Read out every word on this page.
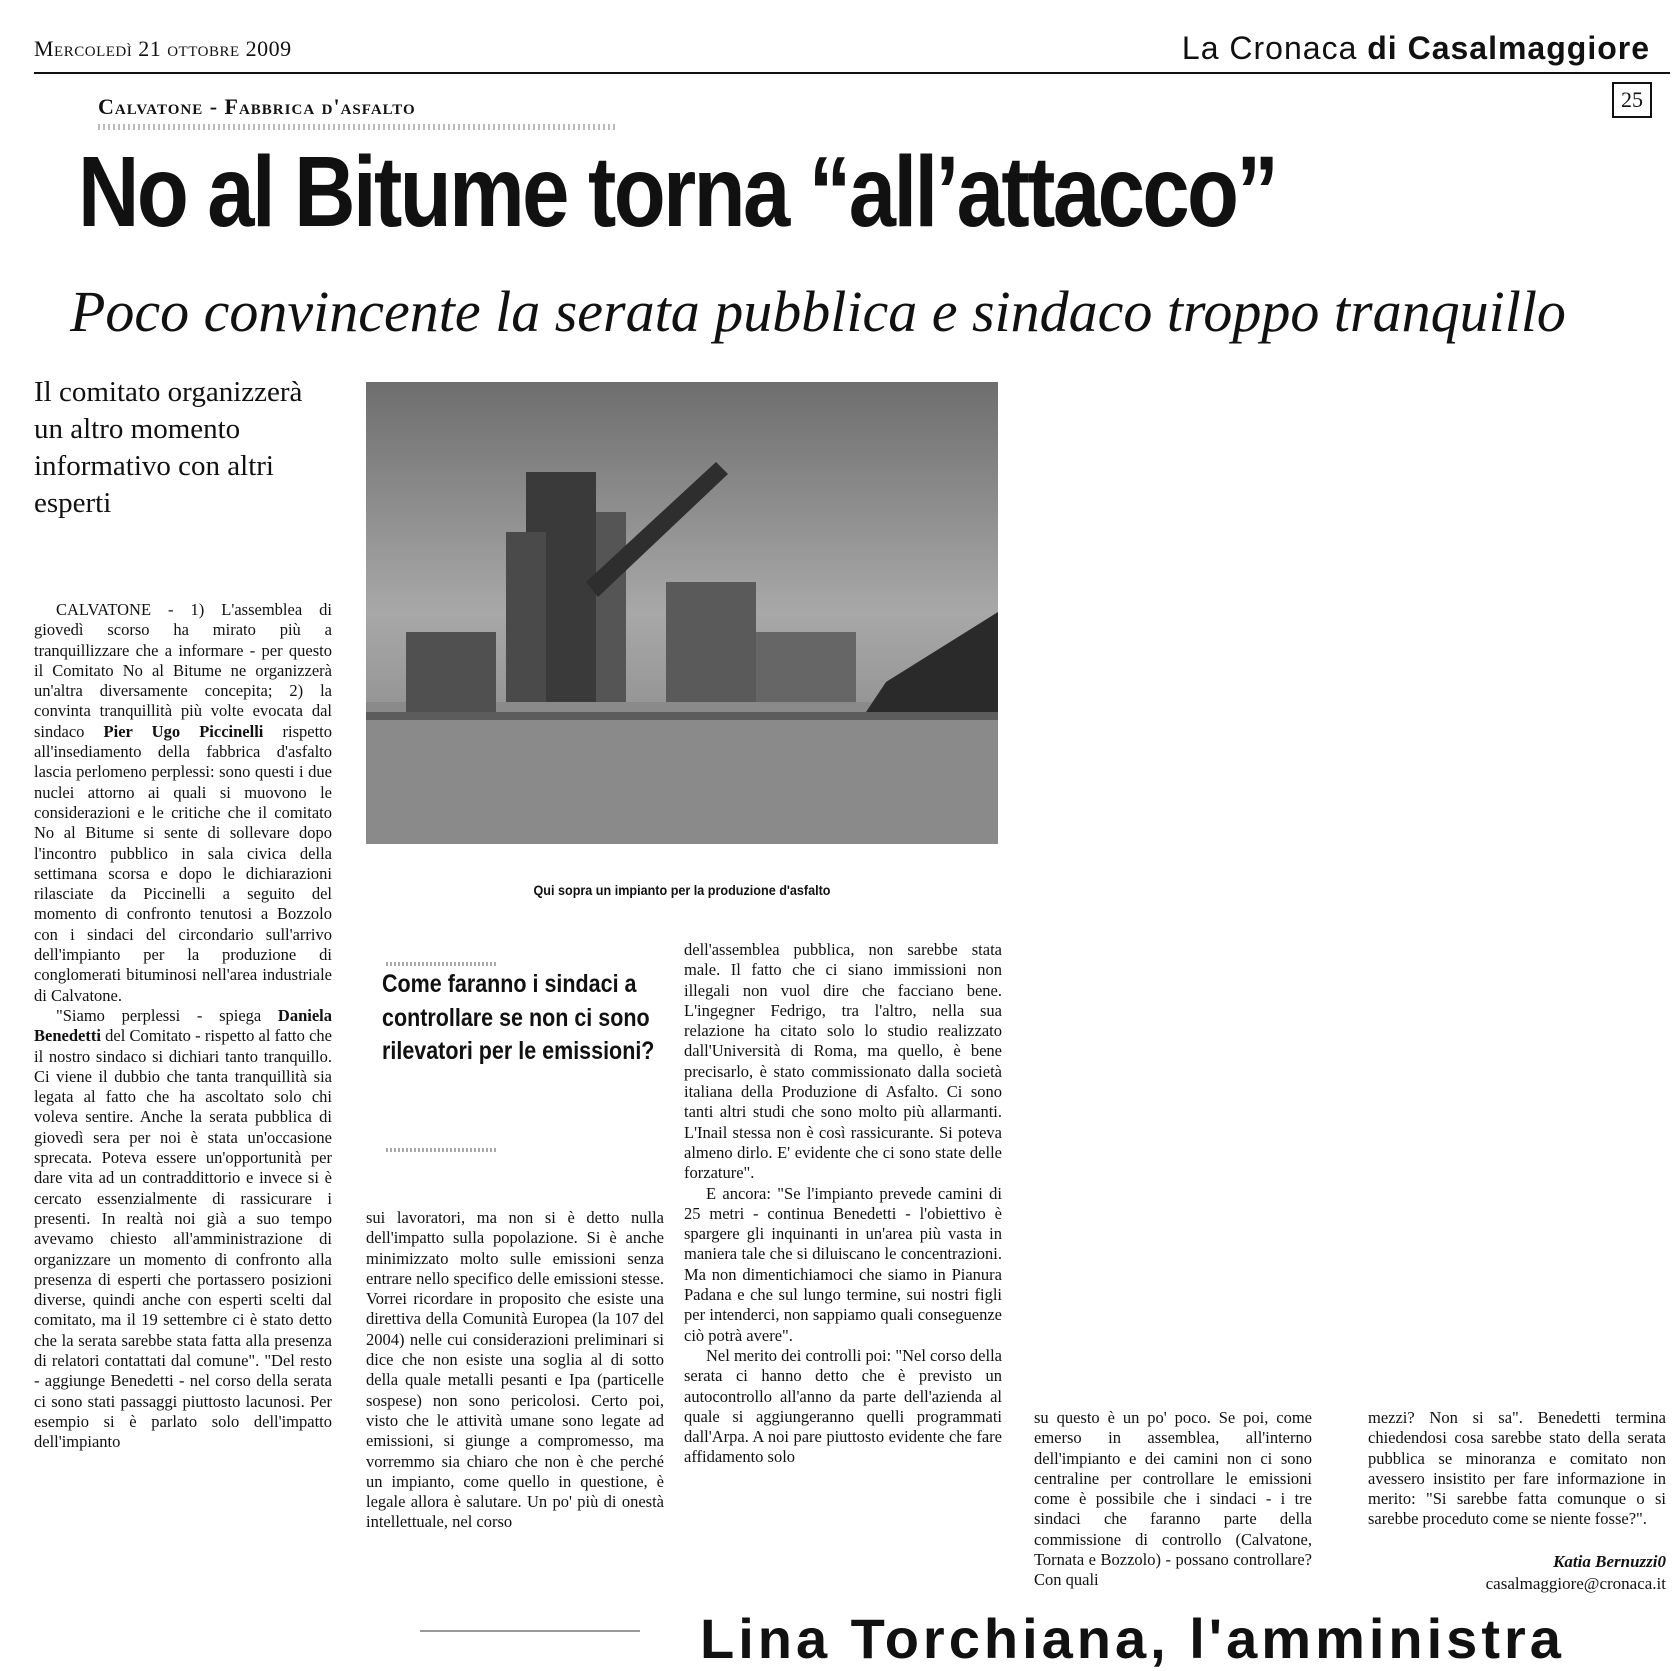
Mercoledì 21 ottobre 2009	La Cronaca di Casalmaggiore
25
Calvatone - Fabbrica d'asfalto
No al Bitume torna “all’attacco”
Poco convincente la serata pubblica e sindaco troppo tranquillo
Il comitato organizzerà un altro momento informativo con altri esperti
Qui sopra un impianto per la produzione d'asfalto
Come faranno i sindaci a controllare se non ci sono rilevatori per le emissioni?

CALVATONE - 1) L'assemblea di giovedì scorso ha mirato più a tranquillizzare che a informare - per questo il Comitato No al Bitume ne organizzerà un'altra diversamente concepita; 2) la convinta tranquillità più volte evocata dal sindaco Pier Ugo Piccinelli rispetto all'insediamento della fabbrica d'asfalto lascia perlomeno perplessi: sono questi i due nuclei attorno ai quali si muovono le considerazioni e le critiche che il comitato No al Bitume si sente di sollevare dopo l'incontro pubblico in sala civica della settimana scorsa e dopo le dichiarazioni rilasciate da Piccinelli a seguito del momento di confronto tenutosi a Bozzolo con i sindaci del circondario sull'arrivo dell'impianto per la produzione di conglomerati bituminosi nell'area industriale di Calvatone.

"Siamo perplessi - spiega Daniela Benedetti del Comitato - rispetto al fatto che il nostro sindaco si dichiari tanto tranquillo. Ci viene il dubbio che tanta tranquillità sia legata al fatto che ha ascoltato solo chi voleva sentire. Anche la serata pubblica di giovedì sera per noi è stata un'occasione sprecata. Poteva essere un'opportunità per dare vita ad un contraddittorio e invece si è cercato essenzialmente di rassicurare i presenti. In realtà noi già a suo tempo avevamo chiesto all'amministrazione di organizzare un momento di confronto alla presenza di esperti che portassero posizioni diverse, quindi anche con esperti scelti dal comitato, ma il 19 settembre ci è stato detto che la serata sarebbe stata fatta alla presenza di relatori contattati dal comune". "Del resto - aggiunge Benedetti - nel corso della serata ci sono stati passaggi piuttosto lacunosi. Per esempio si è parlato solo dell'impatto dell'impianto

sui lavoratori, ma non si è detto nulla dell'impatto sulla popolazione. Si è anche minimizzato molto sulle emissioni senza entrare nello specifico delle emissioni stesse. Vorrei ricordare in proposito che esiste una direttiva della Comunità Europea (la 107 del 2004) nelle cui considerazioni preliminari si dice che non esiste una soglia al di sotto della quale metalli pesanti e Ipa (particelle sospese) non sono pericolosi. Certo poi, visto che le attività umane sono legate ad emissioni, si giunge a compromesso, ma vorremmo sia chiaro che non è che perché un impianto, come quello in questione, è legale allora è salutare. Un po' più di onestà intellettuale, nel corso

dell'assemblea pubblica, non sarebbe stata male. Il fatto che ci siano immissioni non illegali non vuol dire che facciano bene. L'ingegner Fedrigo, tra l'altro, nella sua relazione ha citato solo lo studio realizzato dall'Università di Roma, ma quello, è bene precisarlo, è stato commissionato dalla società italiana della Produzione di Asfalto. Ci sono tanti altri studi che sono molto più allarmanti. L'Inail stessa non è così rassicurante. Si poteva almeno dirlo. E' evidente che ci sono state delle forzature".

E ancora: "Se l'impianto prevede camini di 25 metri - continua Benedetti - l'obiettivo è spargere gli inquinanti in un'area più vasta in maniera tale che si diluiscano le concentrazioni. Ma non dimentichiamoci che siamo in Pianura Padana e che sul lungo termine, sui nostri figli per intenderci, non sappiamo quali conseguenze ciò potrà avere".

Nel merito dei controlli poi: "Nel corso della serata ci hanno detto che è previsto un autocontrollo all'anno da parte dell'azienda al quale si aggiungeranno quelli programmati dall'Arpa. A noi pare piuttosto evidente che fare affidamento solo

su questo è un po' poco. Se poi, come emerso in assemblea, all'interno dell'impianto e dei camini non ci sono centraline per controllare le emissioni come è possibile che i sindaci - i tre sindaci che faranno parte della commissione di controllo (Calvatone, Tornata e Bozzolo) - possano controllare? Con quali

mezzi? Non si sa". Benedetti termina chiedendosi cosa sarebbe stato della serata pubblica se minoranza e comitato non avessero insistito per fare informazione in merito: "Si sarebbe fatta comunque o si sarebbe proceduto come se niente fosse?".

Katia Bernuzzi0
casalmaggiore@cronaca.it
Lina Torchiana, l'amministra
